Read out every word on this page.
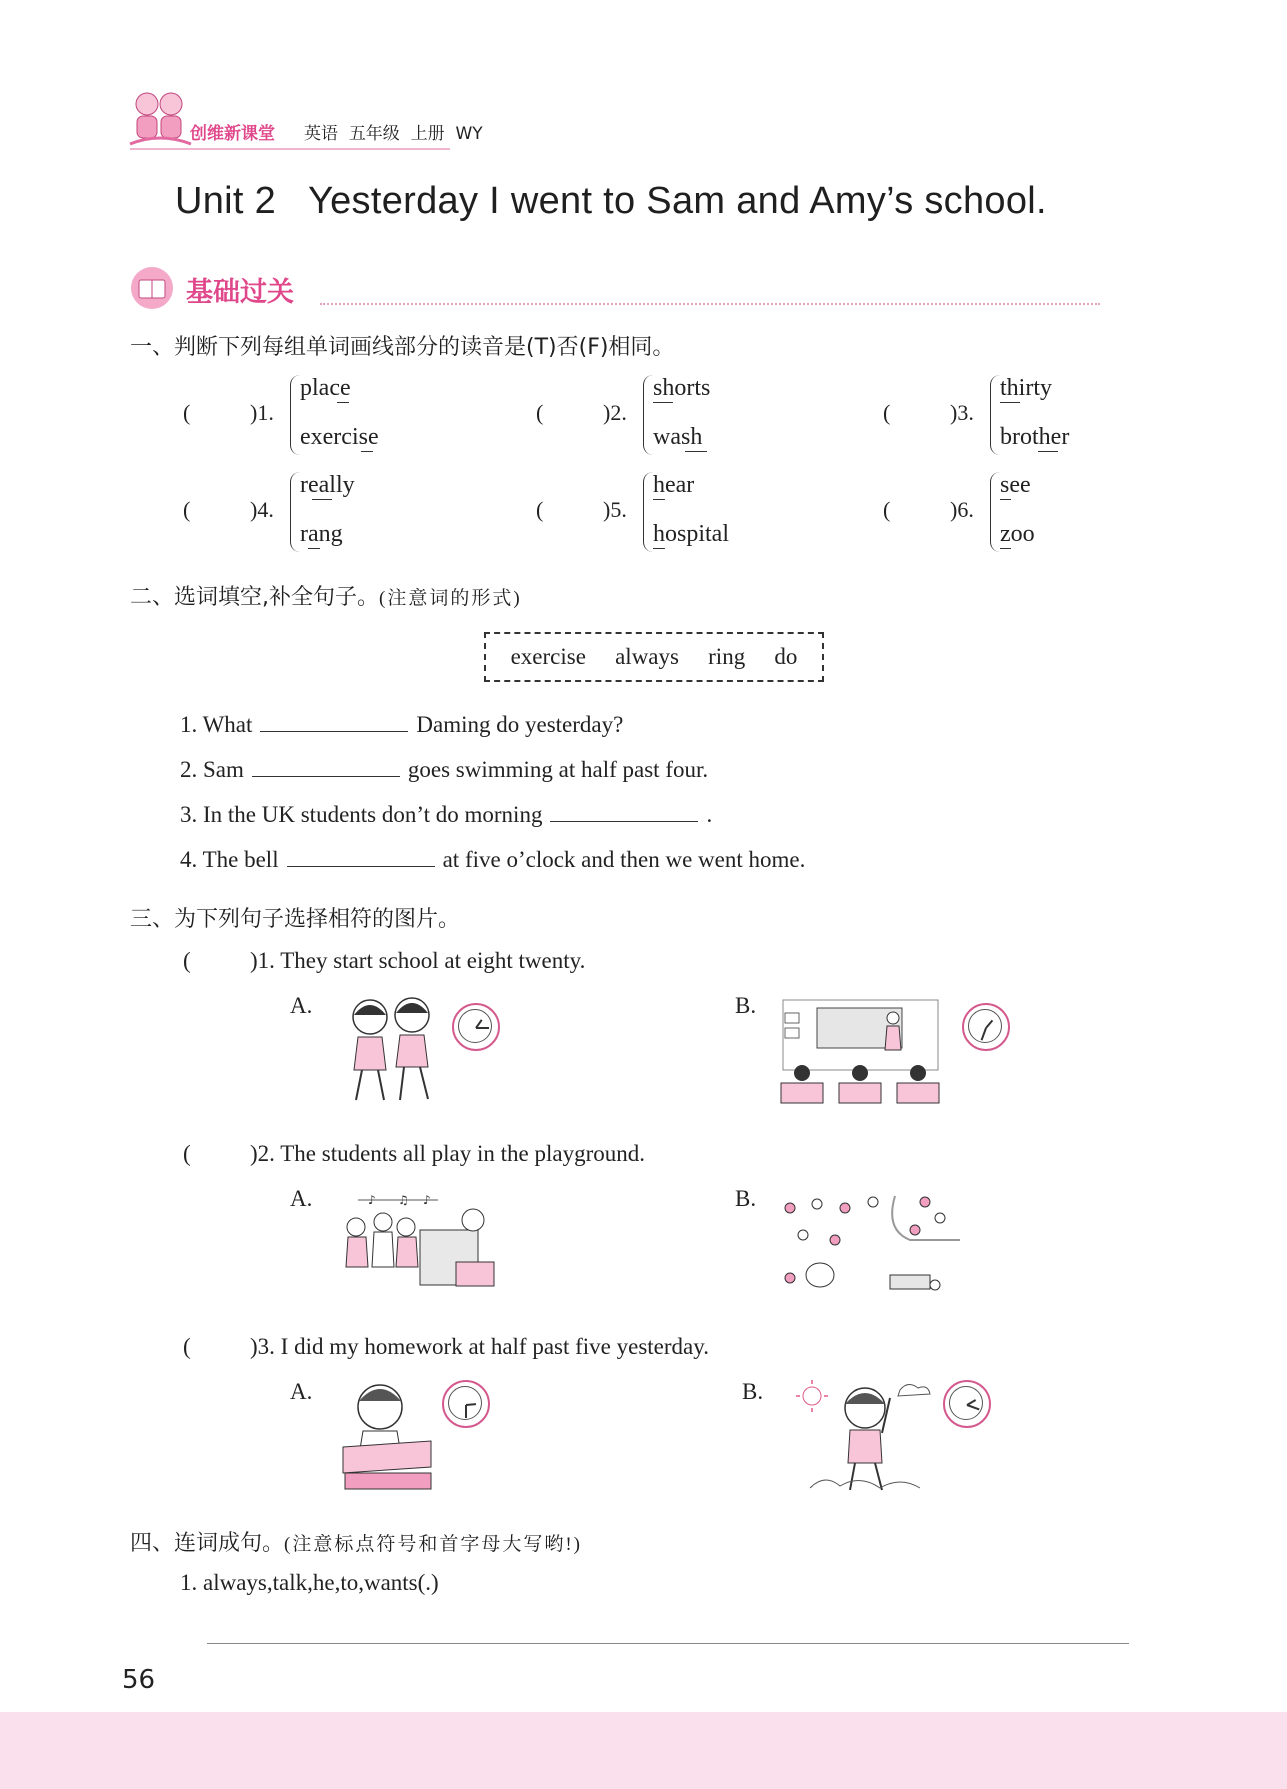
创维新课堂 英语 五年级 上册 WY
Unit 2   Yesterday I went to Sam and Amy’s school.
基础过关
一、判断下列每组单词画线部分的读音是(T)否(F)相同。
(	)1.
place
exercise
(	)2.
shorts
wash
(	)3.
thirty
brother
(	)4.
really
rang
(	)5.
hear
hospital
(	)6.
see
zoo
二、选词填空,补全句子。(注意词的形式)
exercise always ring do
1. What	Daming do yesterday?
2. Sam	goes swimming at half past four.
3. In the UK students don’t do morning	.
4. The bell	at five o’clock and then we went home.
三、为下列句子选择相符的图片。
(	)1. They start school at eight twenty.
A.	B.
(	)2. The students all play in the playground.
A.	B.
♪ ♫ ♪
(	)3. I did my homework at half past five yesterday.
A.	B.
四、连词成句。(注意标点符号和首字母大写哟!)
1. always,talk,he,to,wants(.)
56
